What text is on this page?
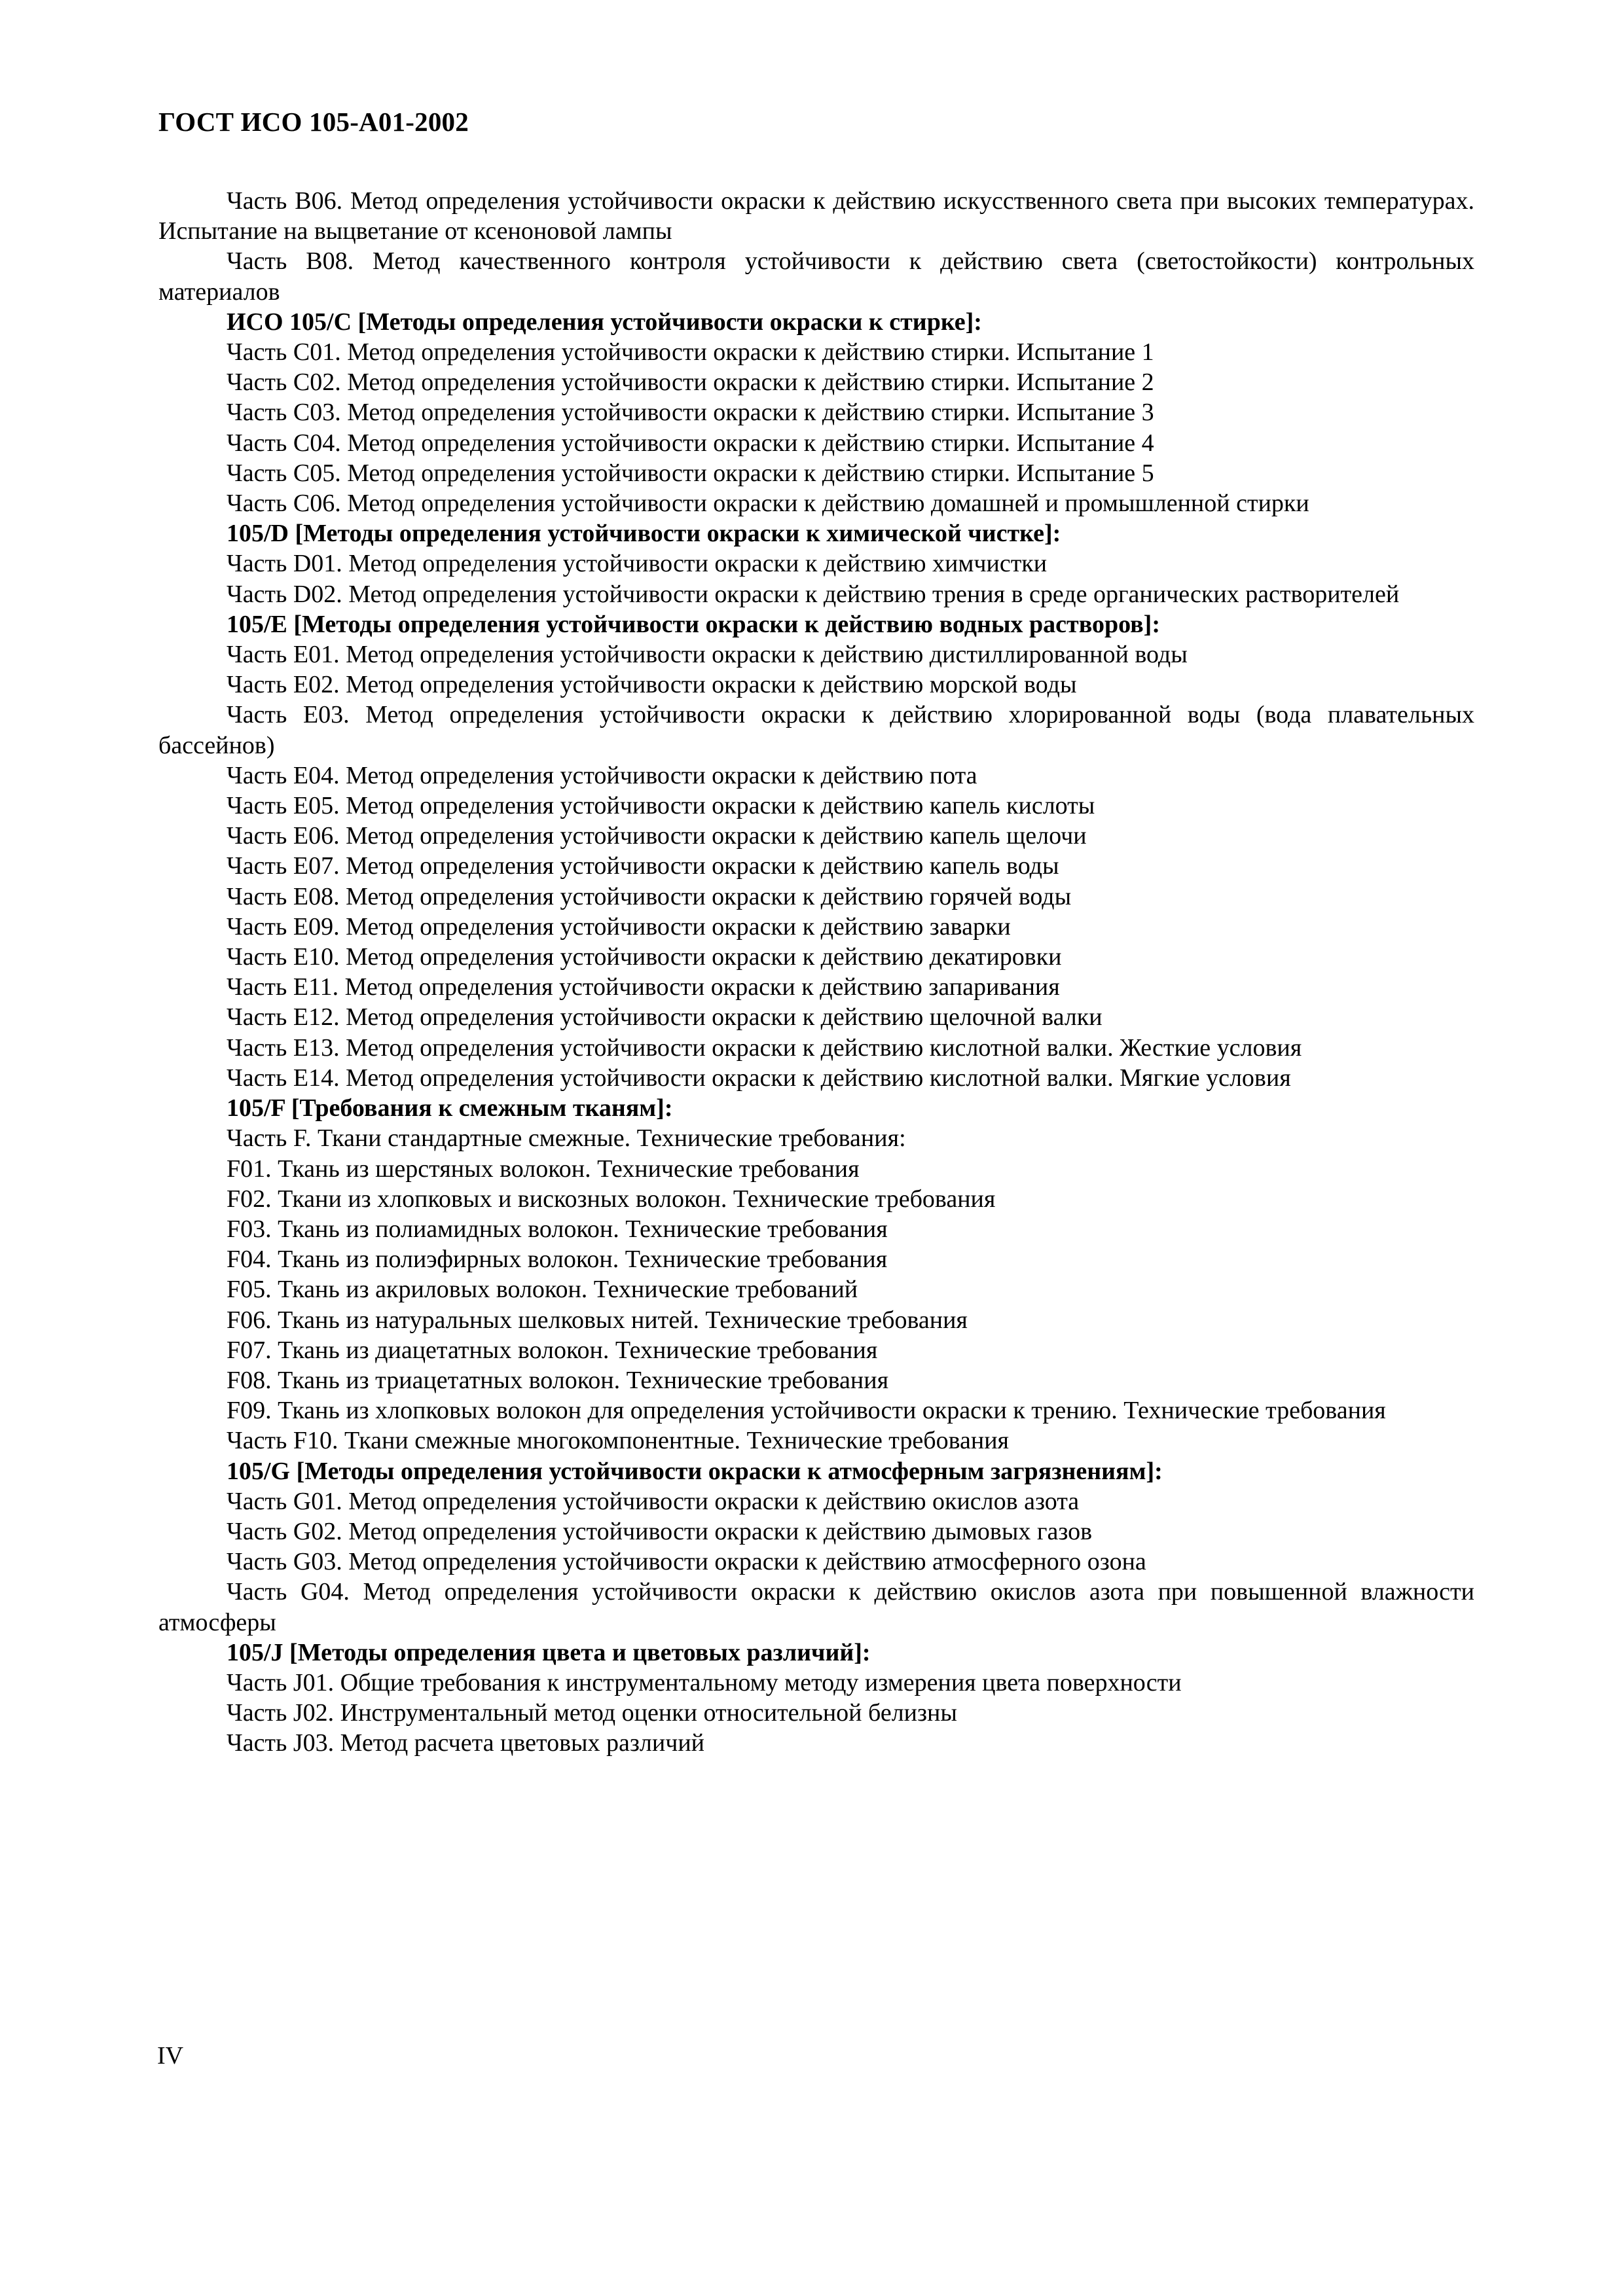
ГОСТ ИСО 105-A01-2002

Часть B06. Метод определения устойчивости окраски к действию искусственного света при высоких температурах. Испытание на выцветание от ксеноновой лампы

Часть B08. Метод качественного контроля устойчивости к действию света (светостойкости) контрольных материалов

ИСО 105/C [Методы определения устойчивости окраски к стирке]:

Часть C01. Метод определения устойчивости окраски к действию стирки. Испытание 1

Часть C02. Метод определения устойчивости окраски к действию стирки. Испытание 2

Часть C03. Метод определения устойчивости окраски к действию стирки. Испытание 3

Часть C04. Метод определения устойчивости окраски к действию стирки. Испытание 4

Часть C05. Метод определения устойчивости окраски к действию стирки. Испытание 5

Часть C06. Метод определения устойчивости окраски к действию домашней и промышленной стирки

105/D [Методы определения устойчивости окраски к химической чистке]:

Часть D01. Метод определения устойчивости окраски к действию химчистки

Часть D02. Метод определения устойчивости окраски к действию трения в среде органических растворителей

105/E [Методы определения устойчивости окраски к действию водных растворов]:

Часть E01. Метод определения устойчивости окраски к действию дистиллированной воды

Часть E02. Метод определения устойчивости окраски к действию морской воды

Часть E03. Метод определения устойчивости окраски к действию хлорированной воды (вода плавательных бассейнов)

Часть E04. Метод определения устойчивости окраски к действию пота

Часть E05. Метод определения устойчивости окраски к действию капель кислоты

Часть E06. Метод определения устойчивости окраски к действию капель щелочи

Часть E07. Метод определения устойчивости окраски к действию капель воды

Часть E08. Метод определения устойчивости окраски к действию горячей воды

Часть E09. Метод определения устойчивости окраски к действию заварки

Часть E10. Метод определения устойчивости окраски к действию декатировки

Часть E11. Метод определения устойчивости окраски к действию запаривания

Часть E12. Метод определения устойчивости окраски к действию щелочной валки

Часть E13. Метод определения устойчивости окраски к действию кислотной валки. Жесткие условия

Часть E14. Метод определения устойчивости окраски к действию кислотной валки. Мягкие условия

105/F [Требования к смежным тканям]:

Часть F. Ткани стандартные смежные. Технические требования:

F01. Ткань из шерстяных волокон. Технические требования

F02. Ткани из хлопковых и вискозных волокон. Технические требования

F03. Ткань из полиамидных волокон. Технические требования

F04. Ткань из полиэфирных волокон. Технические требования

F05. Ткань из акриловых волокон. Технические требований

F06. Ткань из натуральных шелковых нитей. Технические требования

F07. Ткань из диацетатных волокон. Технические требования

F08. Ткань из триацетатных волокон. Технические требования

F09. Ткань из хлопковых волокон для определения устойчивости окраски к трению. Технические требования

Часть F10. Ткани смежные многокомпонентные. Технические требования

105/G [Методы определения устойчивости окраски к атмосферным загрязнениям]:

Часть G01. Метод определения устойчивости окраски к действию окислов азота

Часть G02. Метод определения устойчивости окраски к действию дымовых газов

Часть G03. Метод определения устойчивости окраски к действию атмосферного озона

Часть G04. Метод определения устойчивости окраски к действию окислов азота при повышенной влажности атмосферы

105/J [Методы определения цвета и цветовых различий]:

Часть J01. Общие требования к инструментальному методу измерения цвета поверхности

Часть J02. Инструментальный метод оценки относительной белизны

Часть J03. Метод расчета цветовых различий

IV
